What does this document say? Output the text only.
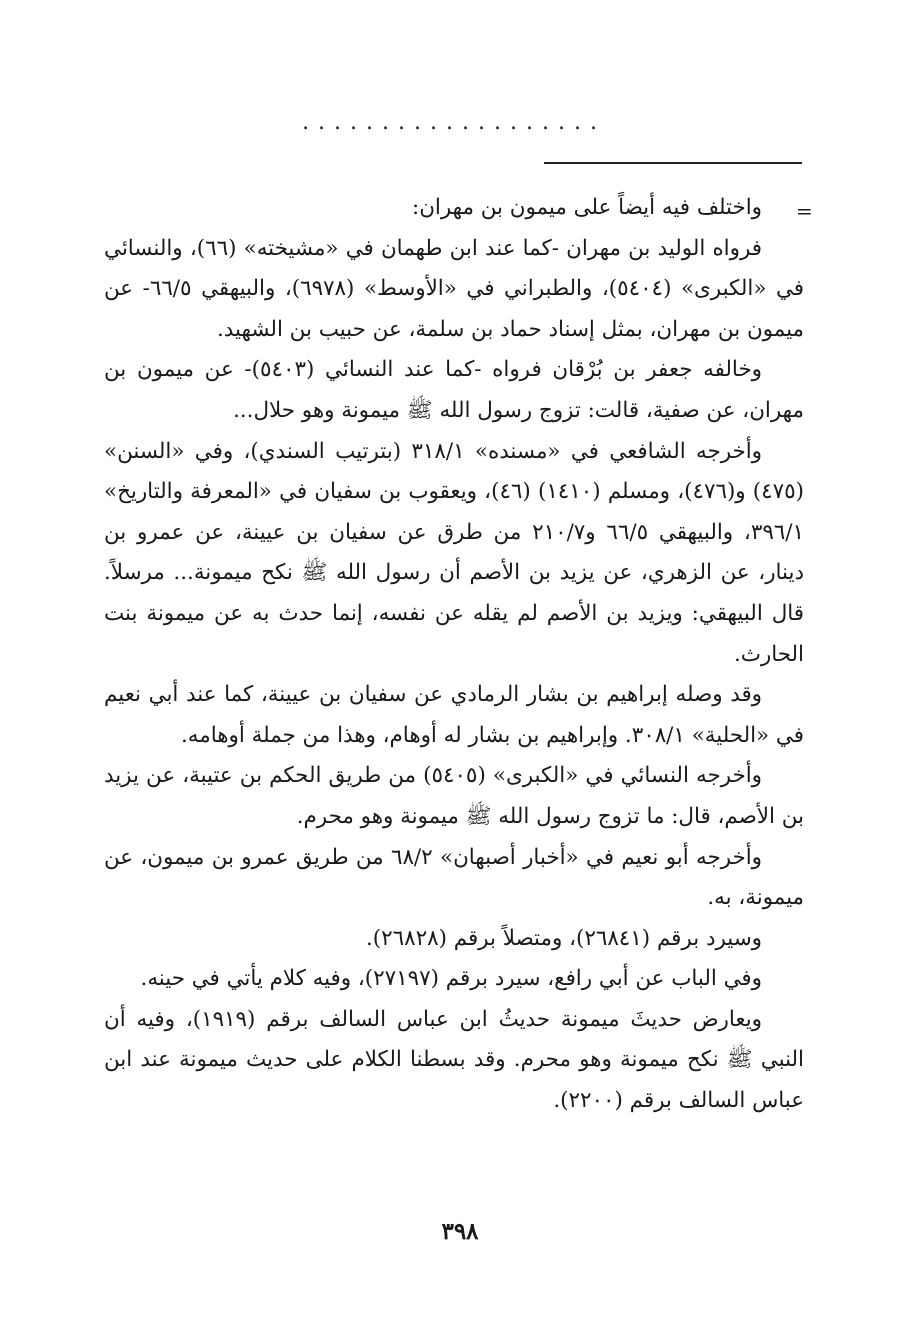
...................
=

واختلف فيه أيضاً على ميمون بن مهران:

فرواه الوليد بن مهران -كما عند ابن طهمان في «مشيخته» (٦٦)، والنسائي في «الكبرى» (٥٤٠٤)، والطبراني في «الأوسط» (٦٩٧٨)، والبيهقي ٦٦/٥- عن ميمون بن مهران، بمثل إسناد حماد بن سلمة، عن حبيب بن الشهيد.

وخالفه جعفر بن بُرْقان فرواه -كما عند النسائي (٥٤٠٣)- عن ميمون بن مهران، عن صفية، قالت: تزوج رسول الله ﷺ ميمونة وهو حلال...

وأخرجه الشافعي في «مسنده» ٣١٨/١ (بترتيب السندي)، وفي «السنن» (٤٧٥) و(٤٧٦)، ومسلم (١٤١٠) (٤٦)، ويعقوب بن سفيان في «المعرفة والتاريخ» ٣٩٦/١، والبيهقي ٦٦/٥ و٢١٠/٧ من طرق عن سفيان بن عيينة، عن عمرو بن دينار، عن الزهري، عن يزيد بن الأصم أن رسول الله ﷺ نكح ميمونة... مرسلاً. قال البيهقي: ويزيد بن الأصم لم يقله عن نفسه، إنما حدث به عن ميمونة بنت الحارث.

وقد وصله إبراهيم بن بشار الرمادي عن سفيان بن عيينة، كما عند أبي نعيم في «الحلية» ٣٠٨/١. وإبراهيم بن بشار له أوهام، وهذا من جملة أوهامه.

وأخرجه النسائي في «الكبرى» (٥٤٠٥) من طريق الحكم بن عتيبة، عن يزيد بن الأصم، قال: ما تزوج رسول الله ﷺ ميمونة وهو محرم.

وأخرجه أبو نعيم في «أخبار أصبهان» ٦٨/٢ من طريق عمرو بن ميمون، عن ميمونة، به.

وسيرد برقم (٢٦٨٤١)، ومتصلاً برقم (٢٦٨٢٨).

وفي الباب عن أبي رافع، سيرد برقم (٢٧١٩٧)، وفيه كلام يأتي في حينه.

ويعارض حديثَ ميمونة حديثُ ابن عباس السالف برقم (١٩١٩)، وفيه أن النبي ﷺ نكح ميمونة وهو محرم. وقد بسطنا الكلام على حديث ميمونة عند ابن عباس السالف برقم (٢٢٠٠).

٣٩٨
